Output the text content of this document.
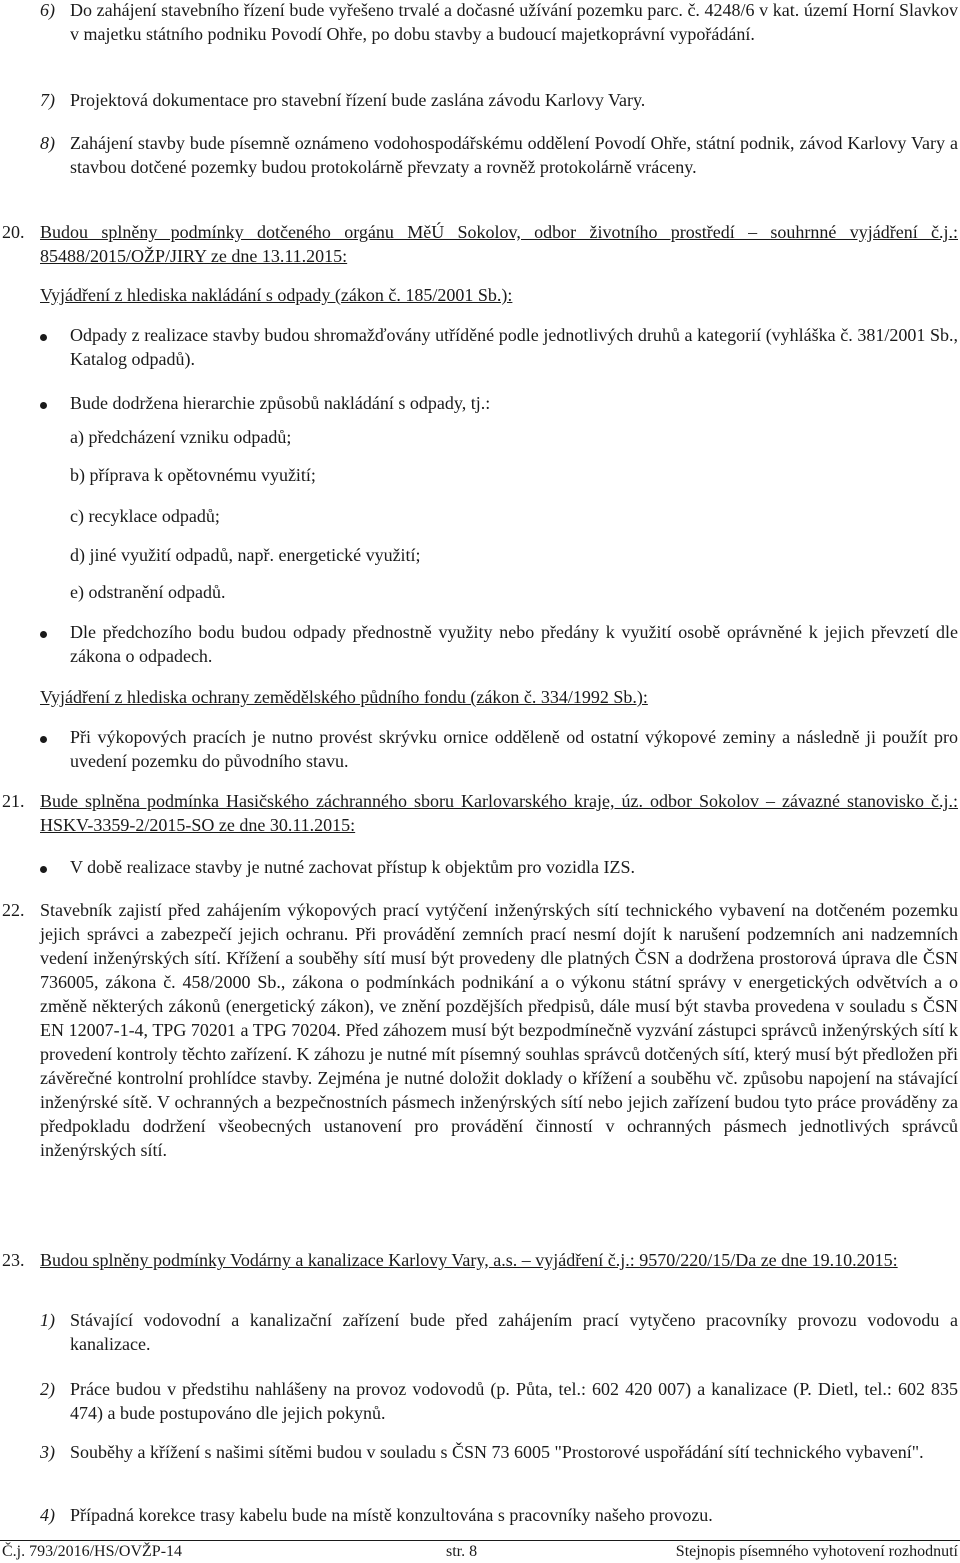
6) Do zahájení stavebního řízení bude vyřešeno trvalé a dočasné užívání pozemku parc. č. 4248/6 v kat. území Horní Slavkov v majetku státního podniku Povodí Ohře, po dobu stavby a budoucí majetkoprávní vypořádání.

7) Projektová dokumentace pro stavební řízení bude zaslána závodu Karlovy Vary.

8) Zahájení stavby bude písemně oznámeno vodohospodářskému oddělení Povodí Ohře, státní podnik, závod Karlovy Vary a stavbou dotčené pozemky budou protokolárně převzaty a rovněž protokolárně vráceny.

20. Budou splněny podmínky dotčeného orgánu MěÚ Sokolov, odbor životního prostředí – souhrnné vyjádření č.j.: 85488/2015/OŽP/JIRY ze dne 13.11.2015:

Vyjádření z hlediska nakládání s odpady (zákon č. 185/2001 Sb.):

Odpady z realizace stavby budou shromažďovány utříděné podle jednotlivých druhů a kategorií (vyhláška č. 381/2001 Sb., Katalog odpadů).

Bude dodržena hierarchie způsobů nakládání s odpady, tj.:

a) předcházení vzniku odpadů;

b) příprava k opětovnému využití;

c) recyklace odpadů;

d) jiné využití odpadů, např. energetické využití;

e) odstranění odpadů.

Dle předchozího bodu budou odpady přednostně využity nebo předány k využití osobě oprávněné k jejich převzetí dle zákona o odpadech.

Vyjádření z hlediska ochrany zemědělského půdního fondu (zákon č. 334/1992 Sb.):

Při výkopových pracích je nutno provést skrývku ornice odděleně od ostatní výkopové zeminy a následně ji použít pro uvedení pozemku do původního stavu.

21. Bude splněna podmínka Hasičského záchranného sboru Karlovarského kraje, úz. odbor Sokolov – závazné stanovisko č.j.: HSKV-3359-2/2015-SO ze dne 30.11.2015:

V době realizace stavby je nutné zachovat přístup k objektům pro vozidla IZS.

22. Stavebník zajistí před zahájením výkopových prací vytýčení inženýrských sítí technického vybavení na dotčeném pozemku jejich správci a zabezpečí jejich ochranu. Při provádění zemních prací nesmí dojít k narušení podzemních ani nadzemních vedení inženýrských sítí. Křížení a souběhy sítí musí být provedeny dle platných ČSN a dodržena prostorová úprava dle ČSN 736005, zákona č. 458/2000 Sb., zákona o podmínkách podnikání a o výkonu státní správy v energetických odvětvích a o změně některých zákonů (energetický zákon), ve znění pozdějších předpisů, dále musí být stavba provedena v souladu s ČSN EN 12007-1-4, TPG 70201 a TPG 70204. Před záhozem musí být bezpodmínečně vyzvání zástupci správců inženýrských sítí k provedení kontroly těchto zařízení. K záhozu je nutné mít písemný souhlas správců dotčených sítí, který musí být předložen při závěrečné kontrolní prohlídce stavby. Zejména je nutné doložit doklady o křížení a souběhu vč. způsobu napojení na stávající inženýrské sítě. V ochranných a bezpečnostních pásmech inženýrských sítí nebo jejich zařízení budou tyto práce prováděny za předpokladu dodržení všeobecných ustanovení pro provádění činností v ochranných pásmech jednotlivých správců inženýrských sítí.

23. Budou splněny podmínky Vodárny a kanalizace Karlovy Vary, a.s. – vyjádření č.j.: 9570/220/15/Da ze dne 19.10.2015:

1) Stávající vodovodní a kanalizační zařízení bude před zahájením prací vytyčeno pracovníky provozu vodovodu a kanalizace.

2) Práce budou v předstihu nahlášeny na provoz vodovodů (p. Půta, tel.: 602 420 007) a kanalizace (P. Dietl, tel.: 602 835 474) a bude postupováno dle jejich pokynů.

3) Souběhy a křížení s našimi sítěmi budou v souladu s ČSN 73 6005 "Prostorové uspořádání sítí technického vybavení".

4) Případná korekce trasy kabelu bude na místě konzultována s pracovníky našeho provozu.

Č.j. 793/2016/HS/OVŽP-14	str. 8	Stejnopis písemného vyhotovení rozhodnutí
